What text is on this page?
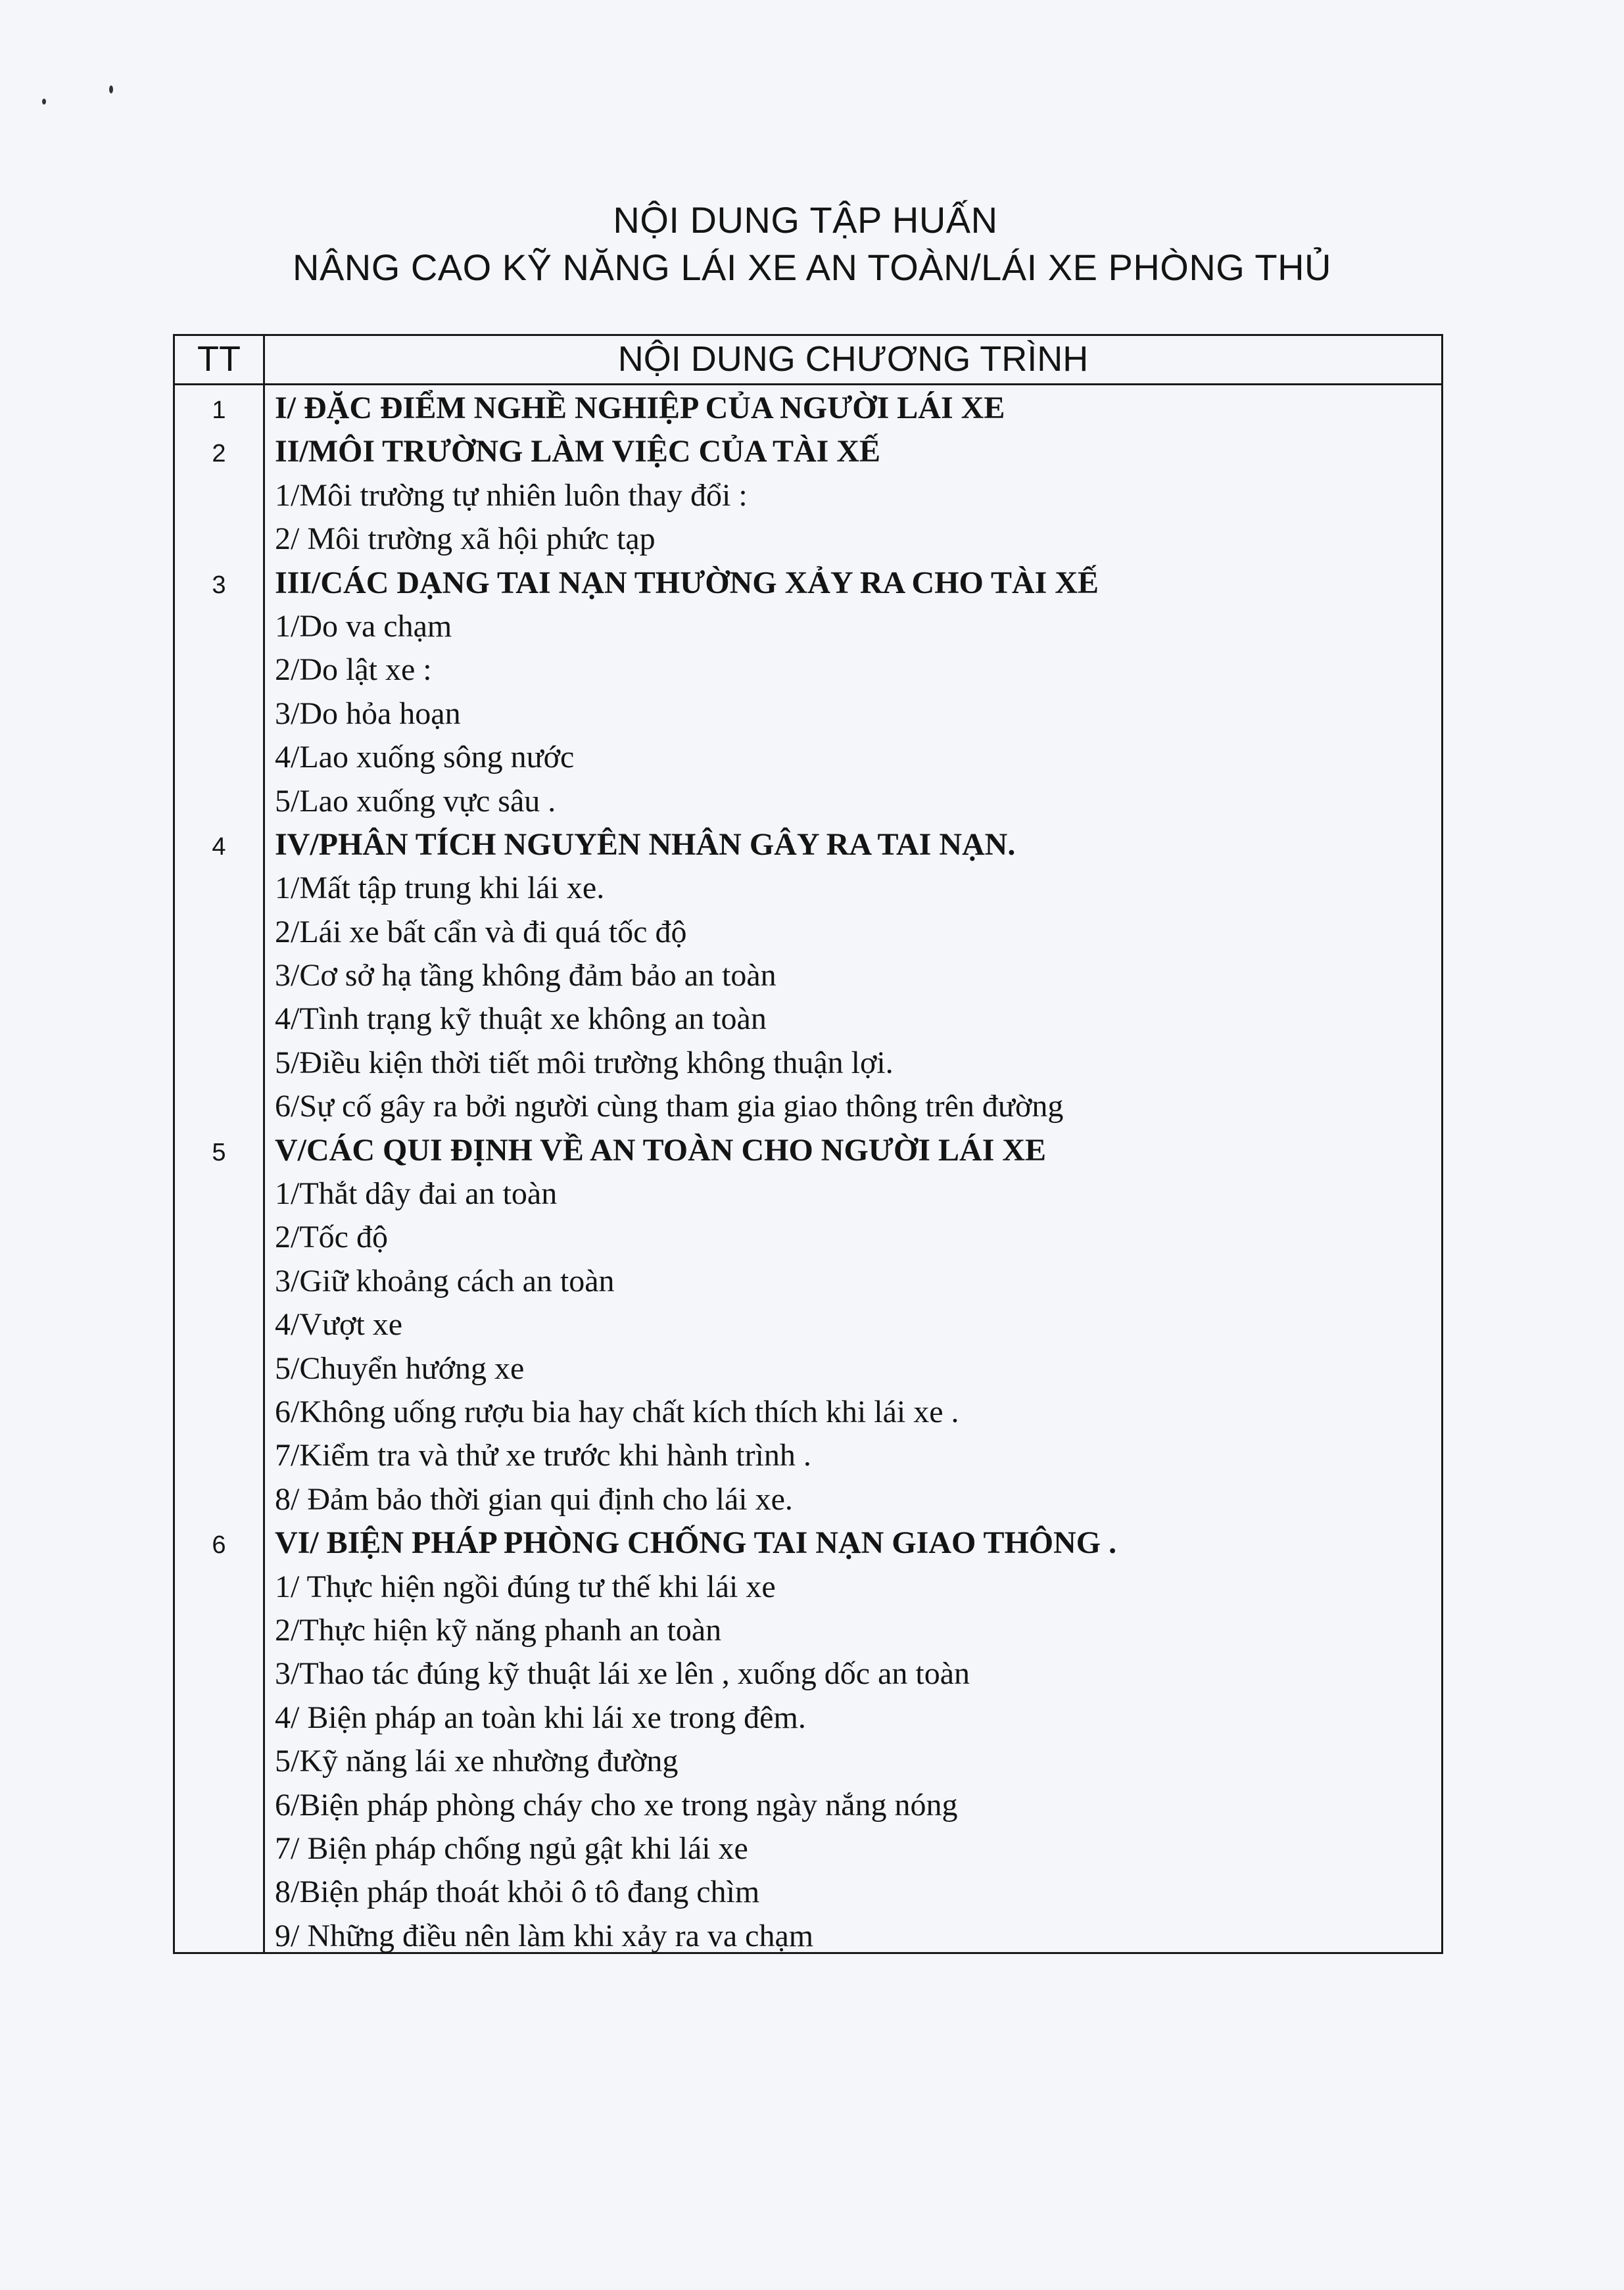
NỘI DUNG TẬP HUẤN
NÂNG CAO KỸ NĂNG LÁI XE AN TOÀN/LÁI XE PHÒNG THỦ
TT	NỘI DUNG CHƯƠNG TRÌNH
1	I/ ĐẶC ĐIỂM NGHỀ NGHIỆP CỦA NGƯỜI LÁI XE
2	II/MÔI TRƯỜNG LÀM VIỆC CỦA TÀI XẾ
1/Môi trường tự nhiên luôn thay đổi :
2/ Môi trường xã hội phức tạp
3	III/CÁC DẠNG TAI NẠN THƯỜNG XẢY RA CHO TÀI XẾ
1/Do va chạm
2/Do lật xe :
3/Do hỏa hoạn
4/Lao xuống sông nước
5/Lao xuống vực sâu .
4	IV/PHÂN TÍCH NGUYÊN NHÂN GÂY RA TAI NẠN.
1/Mất tập trung khi lái xe.
2/Lái xe bất cẩn và đi quá tốc độ
3/Cơ sở hạ tầng không đảm bảo an toàn
4/Tình trạng kỹ thuật xe không an toàn
5/Điều kiện thời tiết môi trường không thuận lợi.
6/Sự cố gây ra bởi người cùng tham gia giao thông trên đường
5	V/CÁC QUI ĐỊNH VỀ AN TOÀN CHO NGƯỜI LÁI XE
1/Thắt dây đai an toàn
2/Tốc độ
3/Giữ khoảng cách an toàn
4/Vượt xe
5/Chuyển hướng xe
6/Không uống rượu bia hay chất kích thích khi lái xe .
7/Kiểm tra và thử xe trước khi hành trình .
8/ Đảm bảo thời gian qui định cho lái xe.
6	VI/ BIỆN PHÁP PHÒNG CHỐNG TAI NẠN GIAO THÔNG .
1/ Thực hiện ngồi đúng tư thế khi lái xe
2/Thực hiện kỹ năng phanh an toàn
3/Thao tác đúng kỹ thuật lái xe lên , xuống dốc an toàn
4/ Biện pháp an toàn khi lái xe trong đêm.
5/Kỹ năng lái xe nhường đường
6/Biện pháp phòng cháy cho xe trong ngày nắng nóng
7/ Biện pháp chống ngủ gật khi lái xe
8/Biện pháp thoát khỏi ô tô đang chìm
9/ Những điều nên làm khi xảy ra va chạm
